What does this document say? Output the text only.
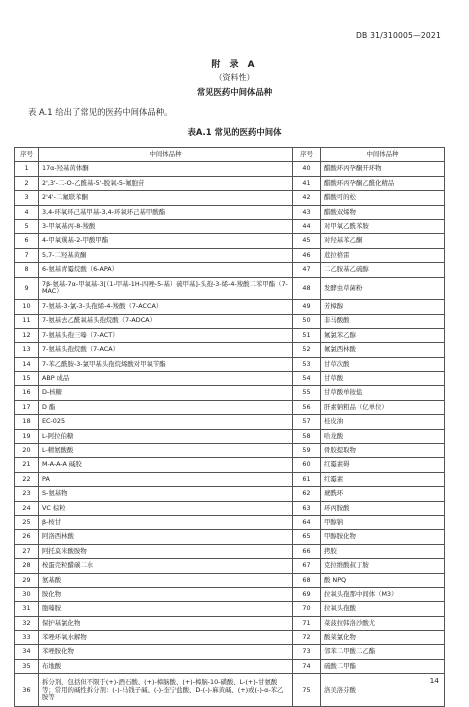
DB 31/310005—2021
附 录 A
（资料性）
常见医药中间体品种
表 A.1 给出了常见的医药中间体品种。
表A.1 常见的医药中间体
序号	中间体品种	序号	中间体品种
1	17α-羟基黄体酮	40	醋酸环丙孕酮开环物
2	2',3'-二-O-乙酰基-5'-脱氧-5-氟胞苷	41	醋酸环丙孕酮乙酰化精品
3	2'4'-二氟联苯酮	42	醋酸可的松
4	3,4-环氧环己基甲基-3,4-环氧环己基甲酸酯	43	醋酸双烯物
5	3-甲氧基丙-8-羧酸	44	对甲氧乙酰苯胺
6	4-甲氧羰基-2-甲酸甲酯	45	对羟基苯乙酮
7	5,7-二羟基黄酮	46	苊拉格雷
8	6-氨基青霉烷酸（6-APA）	47	二乙胺基乙硫醇
9	7β-氨基-7α-甲氧基-3[（1-甲基-1H-四唑-5-基）硫甲基]-头孢-3-烯-4-羧酸二苯甲酯（7-MAC）	48	发酵虫草菌粉
10	7-氨基-3-氯-3-头孢烯-4-羧酸（7-ACCA）	49	芳樟醇
11	7-氨基去乙酰氧基头孢烷酸（7-ADCA）	50	非马酸酸
12	7-氨基头孢三嗪（7-ACT）	51	氟氯苯乙醇
13	7-氨基头孢烷酸（7-ACA）	52	氟氯西林酸
14	7-苯乙酰胺-3-氯甲基头孢烷烯酸对甲氧苄酯	53	甘草次酸
15	ABP 成品	54	甘草酸
16	D-核糖	55	甘草酸单铵盐
17	D 酯	56	肝素钠粗品（亿单位）
18	EC-025	57	桂皮油
19	L-阿拉伯糖	58	哈龙酸
20	L-精氨酸酸	59	骨胶提取物
21	M-A-A-A 碱胶	60	红霉素碍
22	PA	61	红霉素
23	S-氨基物	62	琥酰环
24	VC 棕粒	63	环丙胺酸
25	β-桉甘	64	甲醇钠
26	阿洛西林酸	65	甲醇胺化物
27	阿托莫米酸胺物	66	拷胶
28	桉蛋壳粒醋碳二水	67	克拉维酸叔丁胺
29	氨基酸	68	酸 NPQ
30	胺化物	69	拉氧头孢那中间体（M3）
31	胞嗪胺	70	拉氧头孢酸
32	保护基氯化物	71	菜菠拉韩洛沙酸尤
33	苯唑环氧水解物	72	酸菜氯化物
34	苯唑胺化物	73	邻苯二甲酸二乙酯
35	布地酸	74	硫酸二甲酯
36	拆分剂，包括但不限于(+)-酒石酸、(+)-樟脑酸、(+)-樟脑-10-磺酸、L-(+)-甘氨酸等；常用的碱性拆分剂：(-)-马钱子碱、(-)-奎宁盐酸、D-(-)-麻黄碱、(+)或(-)-α-苯乙胺等	75	洛美洛芬酸
14
